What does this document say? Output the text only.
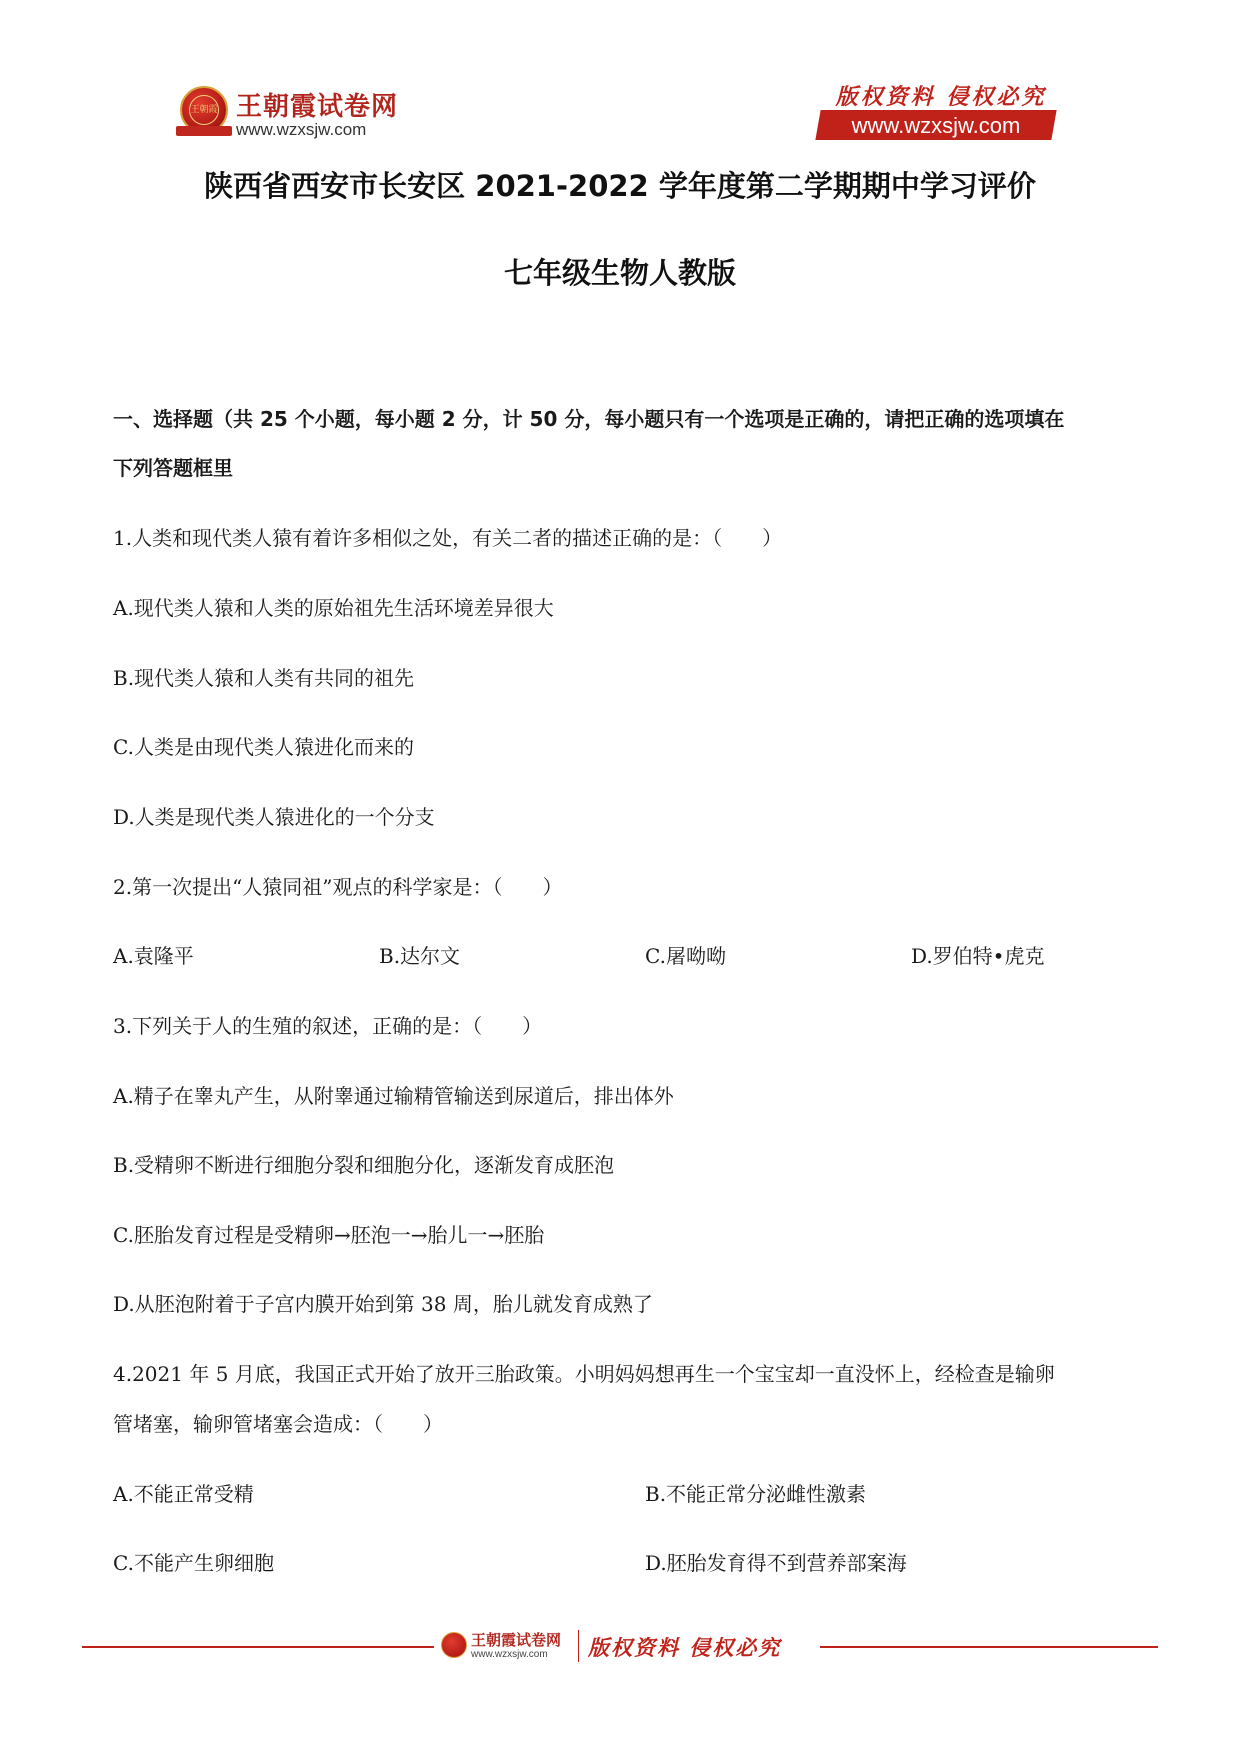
王朝霞 王朝霞试卷网
www.wzxsjw.com
版权资料 侵权必究
www.wzxsjw.com
陕西省西安市长安区 2021-2022 学年度第二学期期中学习评价
七年级生物人教版
一、选择题（共 25 个小题，每小题 2 分，计 50 分，每小题只有一个选项是正确的，请把正确的选项填在
下列答题框里
1.人类和现代类人猿有着许多相似之处，有关二者的描述正确的是：（　　）
A.现代类人猿和人类的原始祖先生活环境差异很大
B.现代类人猿和人类有共同的祖先
C.人类是由现代类人猿进化而来的
D.人类是现代类人猿进化的一个分支
2.第一次提出“人猿同祖”观点的科学家是：（　　）
A.袁隆平	B.达尔文	C.屠呦呦	D.罗伯特•虎克
3.下列关于人的生殖的叙述，正确的是：（　　）
A.精子在睾丸产生，从附睾通过输精管输送到尿道后，排出体外
B.受精卵不断进行细胞分裂和细胞分化，逐渐发育成胚泡
C.胚胎发育过程是受精卵→胚泡一→胎儿一→胚胎
D.从胚泡附着于子宫内膜开始到第 38 周，胎儿就发育成熟了
4.2021 年 5 月底，我国正式开始了放开三胎政策。小明妈妈想再生一个宝宝却一直没怀上，经检查是输卵
管堵塞，输卵管堵塞会造成：（　　）
A.不能正常受精	B.不能正常分泌雌性激素
C.不能产生卵细胞	D.胚胎发育得不到营养部案海
王朝霞试卷网
www.wzxsjw.com 版权资料 侵权必究
